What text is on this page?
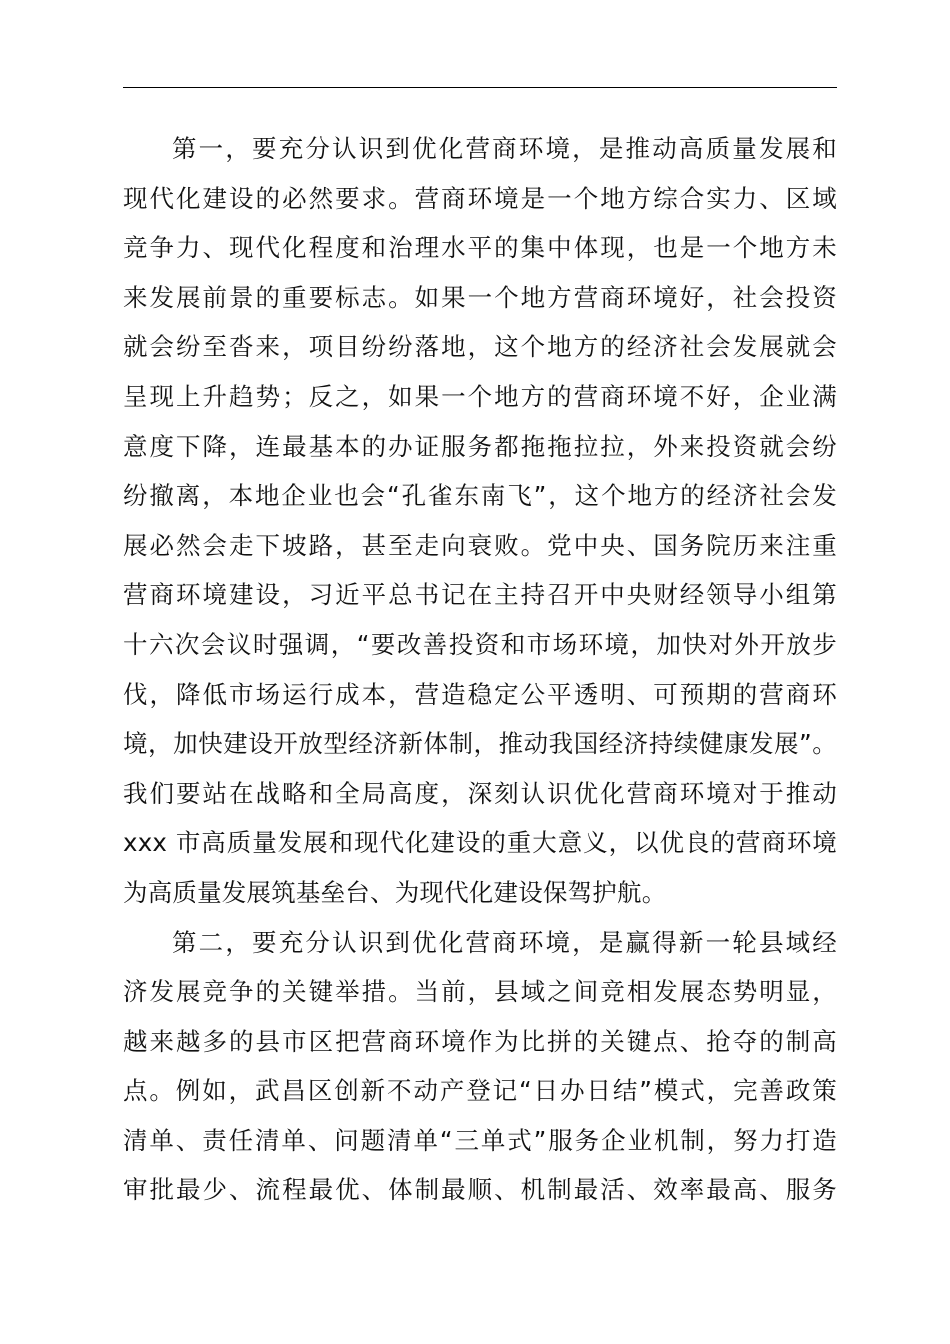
第一，要充分认识到优化营商环境，是推动高质量发展和
现代化建设的必然要求。营商环境是一个地方综合实力、区域
竞争力、现代化程度和治理水平的集中体现，也是一个地方未
来发展前景的重要标志。如果一个地方营商环境好，社会投资
就会纷至沓来，项目纷纷落地，这个地方的经济社会发展就会
呈现上升趋势；反之，如果一个地方的营商环境不好，企业满
意度下降，连最基本的办证服务都拖拖拉拉，外来投资就会纷
纷撤离，本地企业也会“孔雀东南飞”，这个地方的经济社会发
展必然会走下坡路，甚至走向衰败。党中央、国务院历来注重
营商环境建设，习近平总书记在主持召开中央财经领导小组第
十六次会议时强调，“要改善投资和市场环境，加快对外开放步
伐，降低市场运行成本，营造稳定公平透明、可预期的营商环
境，加快建设开放型经济新体制，推动我国经济持续健康发展”。
我们要站在战略和全局高度，深刻认识优化营商环境对于推动
xxx 市高质量发展和现代化建设的重大意义，以优良的营商环境
为高质量发展筑基垒台、为现代化建设保驾护航。
第二，要充分认识到优化营商环境，是赢得新一轮县域经
济发展竞争的关键举措。当前，县域之间竞相发展态势明显，
越来越多的县市区把营商环境作为比拼的关键点、抢夺的制高
点。例如，武昌区创新不动产登记“日办日结”模式，完善政策
清单、责任清单、问题清单“三单式”服务企业机制，努力打造
审批最少、流程最优、体制最顺、机制最活、效率最高、服务
